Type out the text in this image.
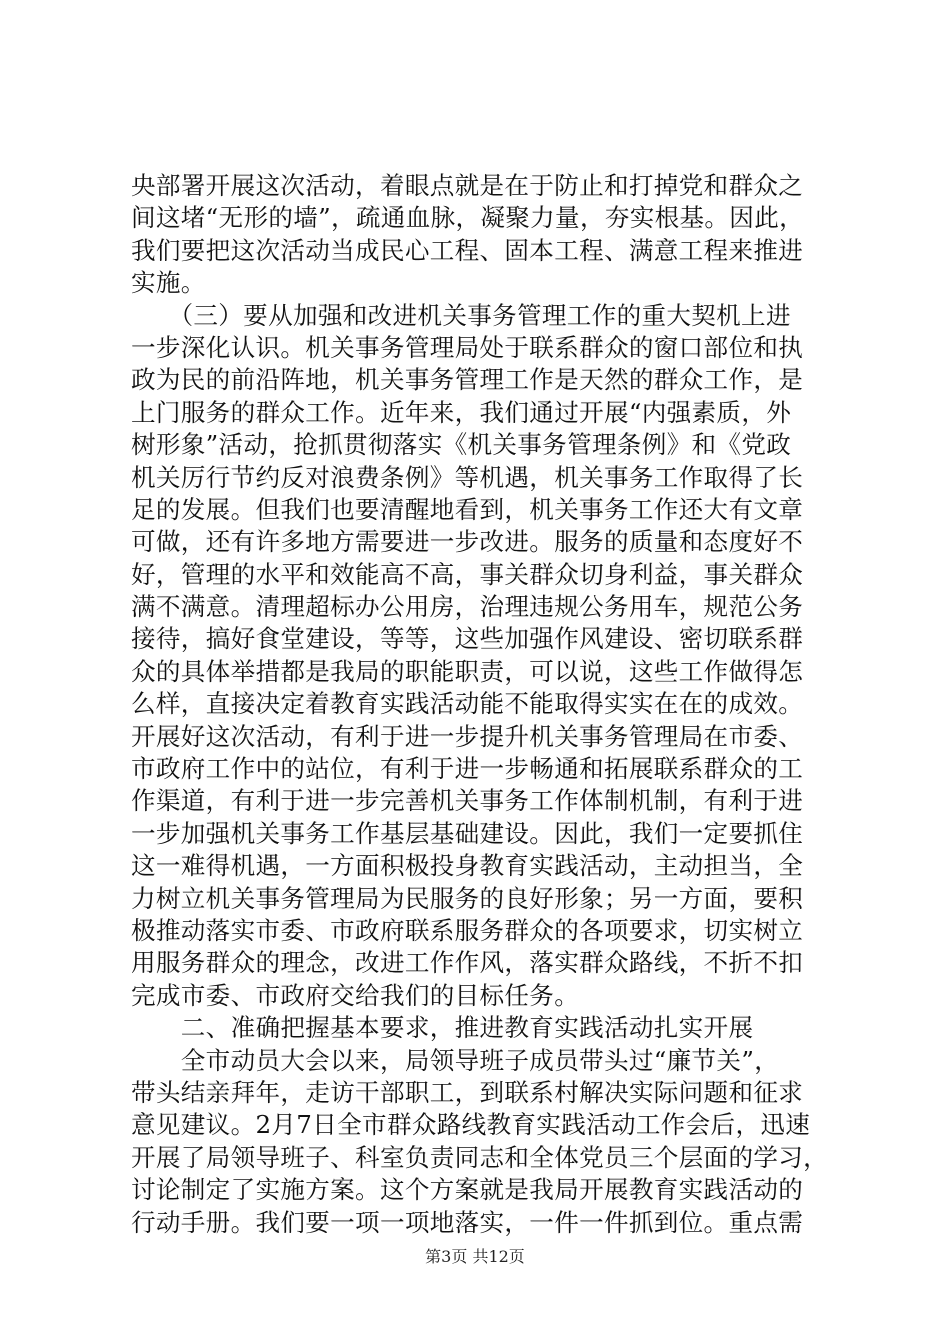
央部署开展这次活动，着眼点就是在于防止和打掉党和群众之
间这堵“无形的墙”，疏通血脉，凝聚力量，夯实根基。因此，
我们要把这次活动当成民心工程、固本工程、满意工程来推进
实施。
　　（三）要从加强和改进机关事务管理工作的重大契机上进
一步深化认识。机关事务管理局处于联系群众的窗口部位和执
政为民的前沿阵地，机关事务管理工作是天然的群众工作，是
上门服务的群众工作。近年来，我们通过开展“内强素质，外
树形象”活动，抢抓贯彻落实《机关事务管理条例》和《党政
机关厉行节约反对浪费条例》等机遇，机关事务工作取得了长
足的发展。但我们也要清醒地看到，机关事务工作还大有文章
可做，还有许多地方需要进一步改进。服务的质量和态度好不
好，管理的水平和效能高不高，事关群众切身利益，事关群众
满不满意。清理超标办公用房，治理违规公务用车，规范公务
接待，搞好食堂建设，等等，这些加强作风建设、密切联系群
众的具体举措都是我局的职能职责，可以说，这些工作做得怎
么样，直接决定着教育实践活动能不能取得实实在在的成效。
开展好这次活动，有利于进一步提升机关事务管理局在市委、
市政府工作中的站位，有利于进一步畅通和拓展联系群众的工
作渠道，有利于进一步完善机关事务工作体制机制，有利于进
一步加强机关事务工作基层基础建设。因此，我们一定要抓住
这一难得机遇，一方面积极投身教育实践活动，主动担当，全
力树立机关事务管理局为民服务的良好形象；另一方面，要积
极推动落实市委、市政府联系服务群众的各项要求，切实树立
用服务群众的理念，改进工作作风，落实群众路线，不折不扣
完成市委、市政府交给我们的目标任务。
　　二、准确把握基本要求，推进教育实践活动扎实开展
　　全市动员大会以来，局领导班子成员带头过“廉节关”，
带头结亲拜年，走访干部职工，到联系村解决实际问题和征求
意见建议。2月7日全市群众路线教育实践活动工作会后，迅速
开展了局领导班子、科室负责同志和全体党员三个层面的学习，
讨论制定了实施方案。这个方案就是我局开展教育实践活动的
行动手册。我们要一项一项地落实，一件一件抓到位。重点需
第3页 共12页
